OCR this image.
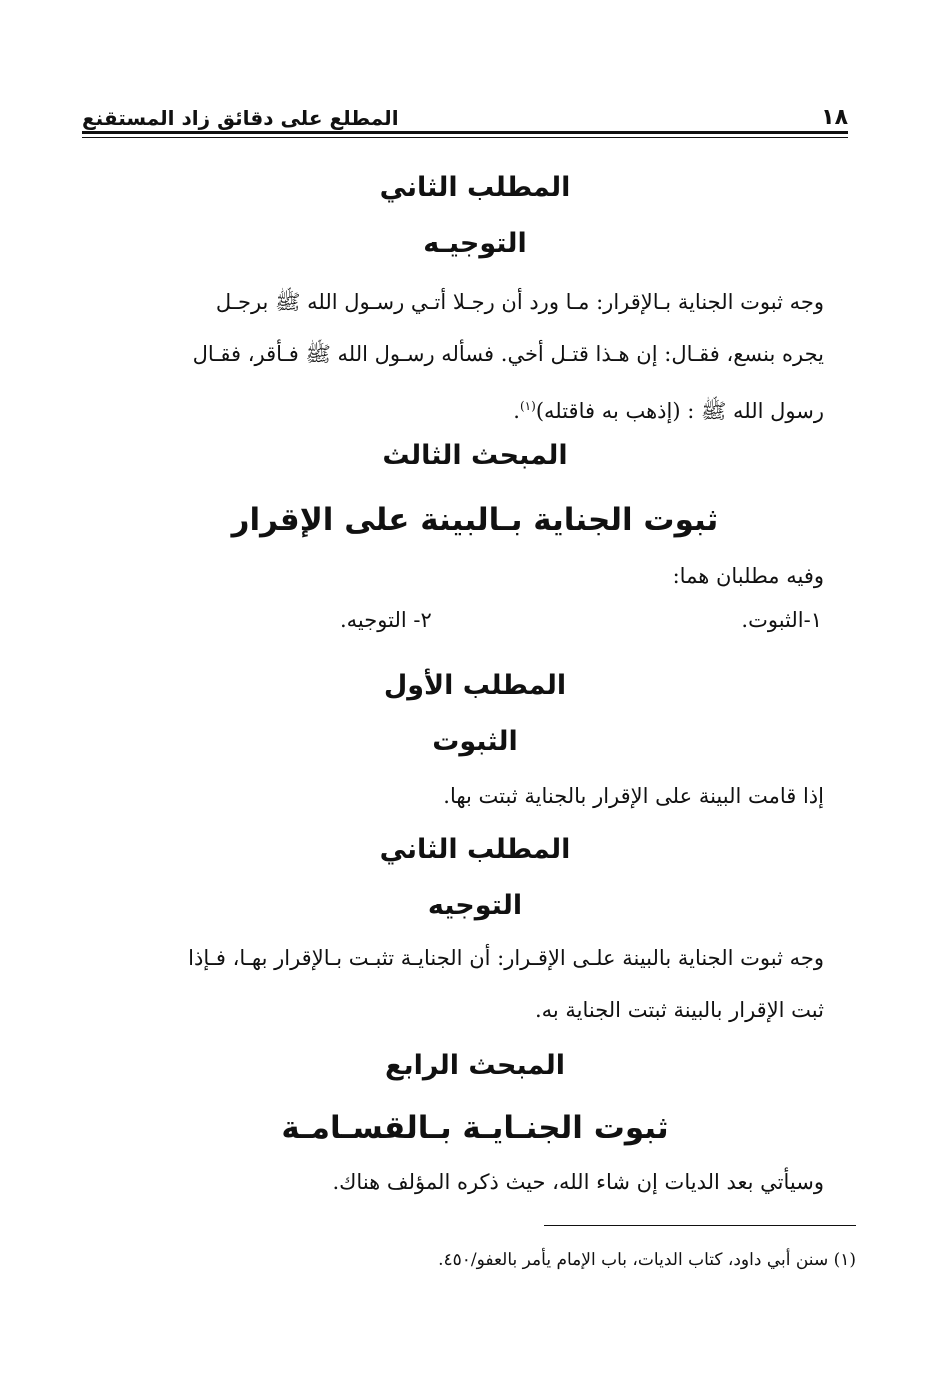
١٨
المطلع على دقائق زاد المستقنع
المطلب الثاني
التوجيـه
وجه ثبوت الجناية بـالإقرار: مـا ورد أن رجـلا أتـي رسـول الله ﷺ برجـل
يجره بنسع، فقـال: إن هـذا قتـل أخي. فسأله رسـول الله ﷺ فـأقر، فقـال
رسول الله ﷺ : (إذهب به فاقتله)$^{(١)}$.
المبحث الثالث
ثبوت الجناية بـالبينة على الإقرار
وفيه مطلبان هما:
١-الثبوت.
٢- التوجيه.
المطلب الأول
الثبوت
إذا قامت البينة على الإقرار بالجناية ثبتت بها.
المطلب الثاني
التوجيه
وجه ثبوت الجناية بالبينة علـى الإقـرار: أن الجنايـة تثبـت بـالإقرار بهـا، فـإذا
ثبت الإقرار بالبينة ثبتت الجناية به.
المبحث الرابع
ثبوت الجنـايـة بـالقسـامـة
وسيأتي بعد الديات إن شاء الله، حيث ذكره المؤلف هناك.
(١) سنن أبي داود، كتاب الديات، باب الإمام يأمر بالعفو/٤٥٠.
